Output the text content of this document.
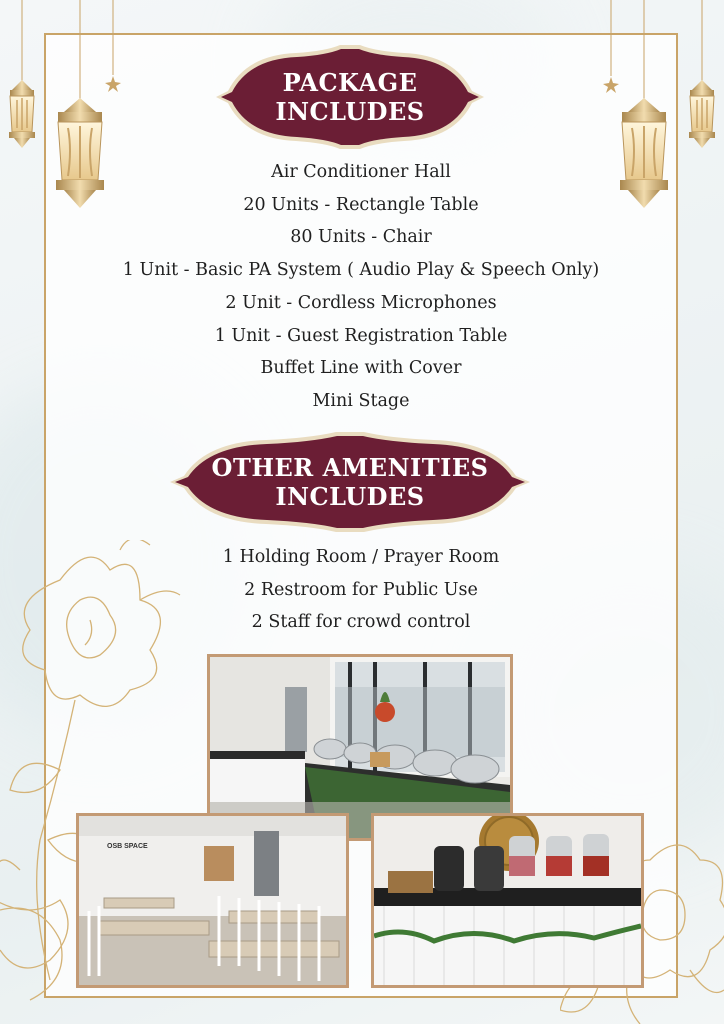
PACKAGE
INCLUDES
Air Conditioner Hall
20 Units - Rectangle Table
80 Units - Chair
1 Unit - Basic PA System ( Audio Play & Speech Only)
2 Unit - Cordless Microphones
1 Unit - Guest Registration Table
Buffet Line with Cover
Mini Stage
OTHER AMENITIES
INCLUDES
1 Holding Room / Prayer Room
2 Restroom for Public Use
2 Staff for crowd control
OSB SPACE
